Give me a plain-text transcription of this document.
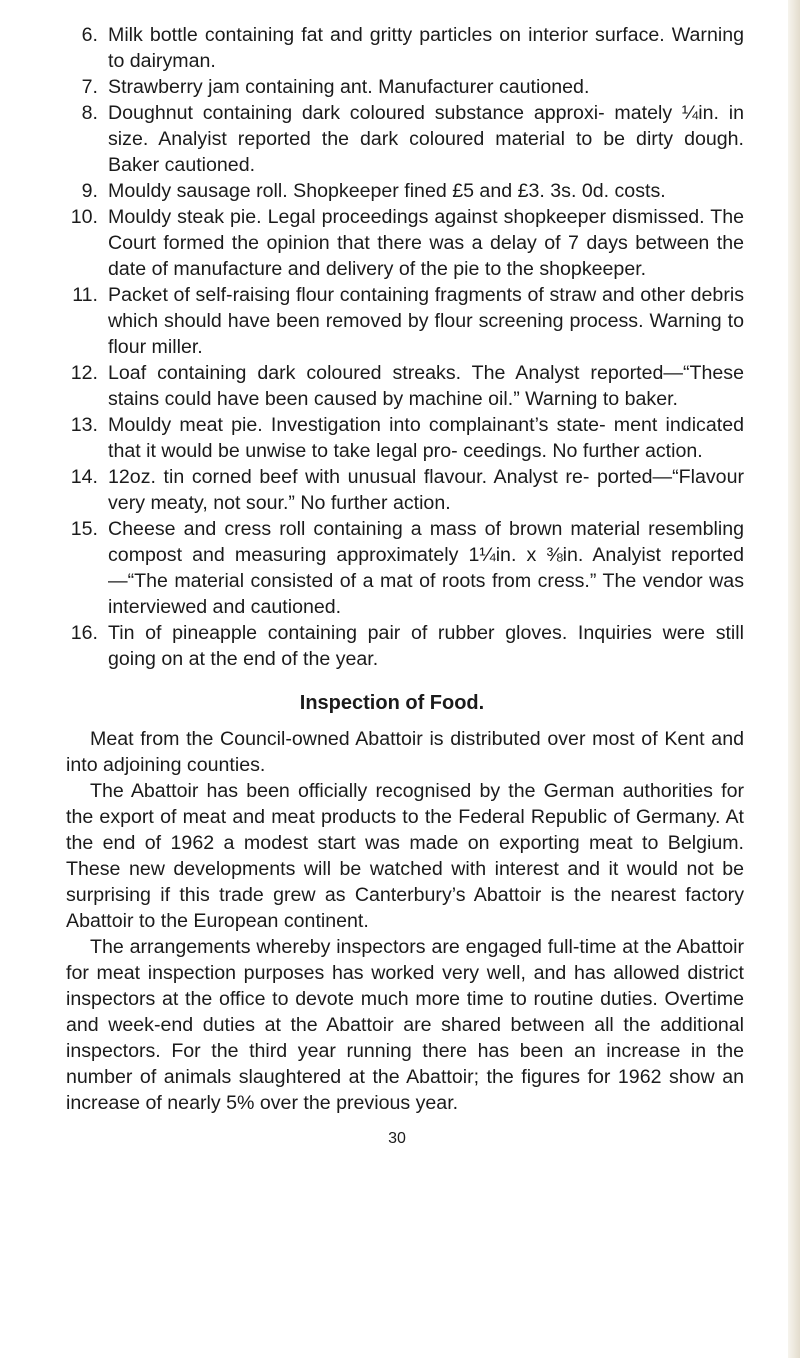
6. Milk bottle containing fat and gritty particles on interior surface. Warning to dairyman.
7. Strawberry jam containing ant. Manufacturer cautioned.
8. Doughnut containing dark coloured substance approxi- mately ¼in. in size. Analyist reported the dark coloured material to be dirty dough. Baker cautioned.
9. Mouldy sausage roll. Shopkeeper fined £5 and £3. 3s. 0d. costs.
10. Mouldy steak pie. Legal proceedings against shopkeeper dismissed. The Court formed the opinion that there was a delay of 7 days between the date of manufacture and delivery of the pie to the shopkeeper.
11. Packet of self-raising flour containing fragments of straw and other debris which should have been removed by flour screening process. Warning to flour miller.
12. Loaf containing dark coloured streaks. The Analyst reported—“These stains could have been caused by machine oil.” Warning to baker.
13. Mouldy meat pie. Investigation into complainant’s state- ment indicated that it would be unwise to take legal pro- ceedings. No further action.
14. 12oz. tin corned beef with unusual flavour. Analyst re- ported—“Flavour very meaty, not sour.” No further action.
15. Cheese and cress roll containing a mass of brown material resembling compost and measuring approximately 1¼in. x ⅜in. Analyist reported—“The material consisted of a mat of roots from cress.” The vendor was interviewed and cautioned.
16. Tin of pineapple containing pair of rubber gloves. Inquiries were still going on at the end of the year.
Inspection of Food.
Meat from the Council-owned Abattoir is distributed over most of Kent and into adjoining counties.
The Abattoir has been officially recognised by the German authorities for the export of meat and meat products to the Federal Republic of Germany. At the end of 1962 a modest start was made on exporting meat to Belgium. These new developments will be watched with interest and it would not be surprising if this trade grew as Canterbury’s Abattoir is the nearest factory Abattoir to the European continent.
The arrangements whereby inspectors are engaged full-time at the Abattoir for meat inspection purposes has worked very well, and has allowed district inspectors at the office to devote much more time to routine duties. Overtime and week-end duties at the Abattoir are shared between all the additional inspectors. For the third year running there has been an increase in the number of animals slaughtered at the Abattoir; the figures for 1962 show an increase of nearly 5% over the previous year.
30
